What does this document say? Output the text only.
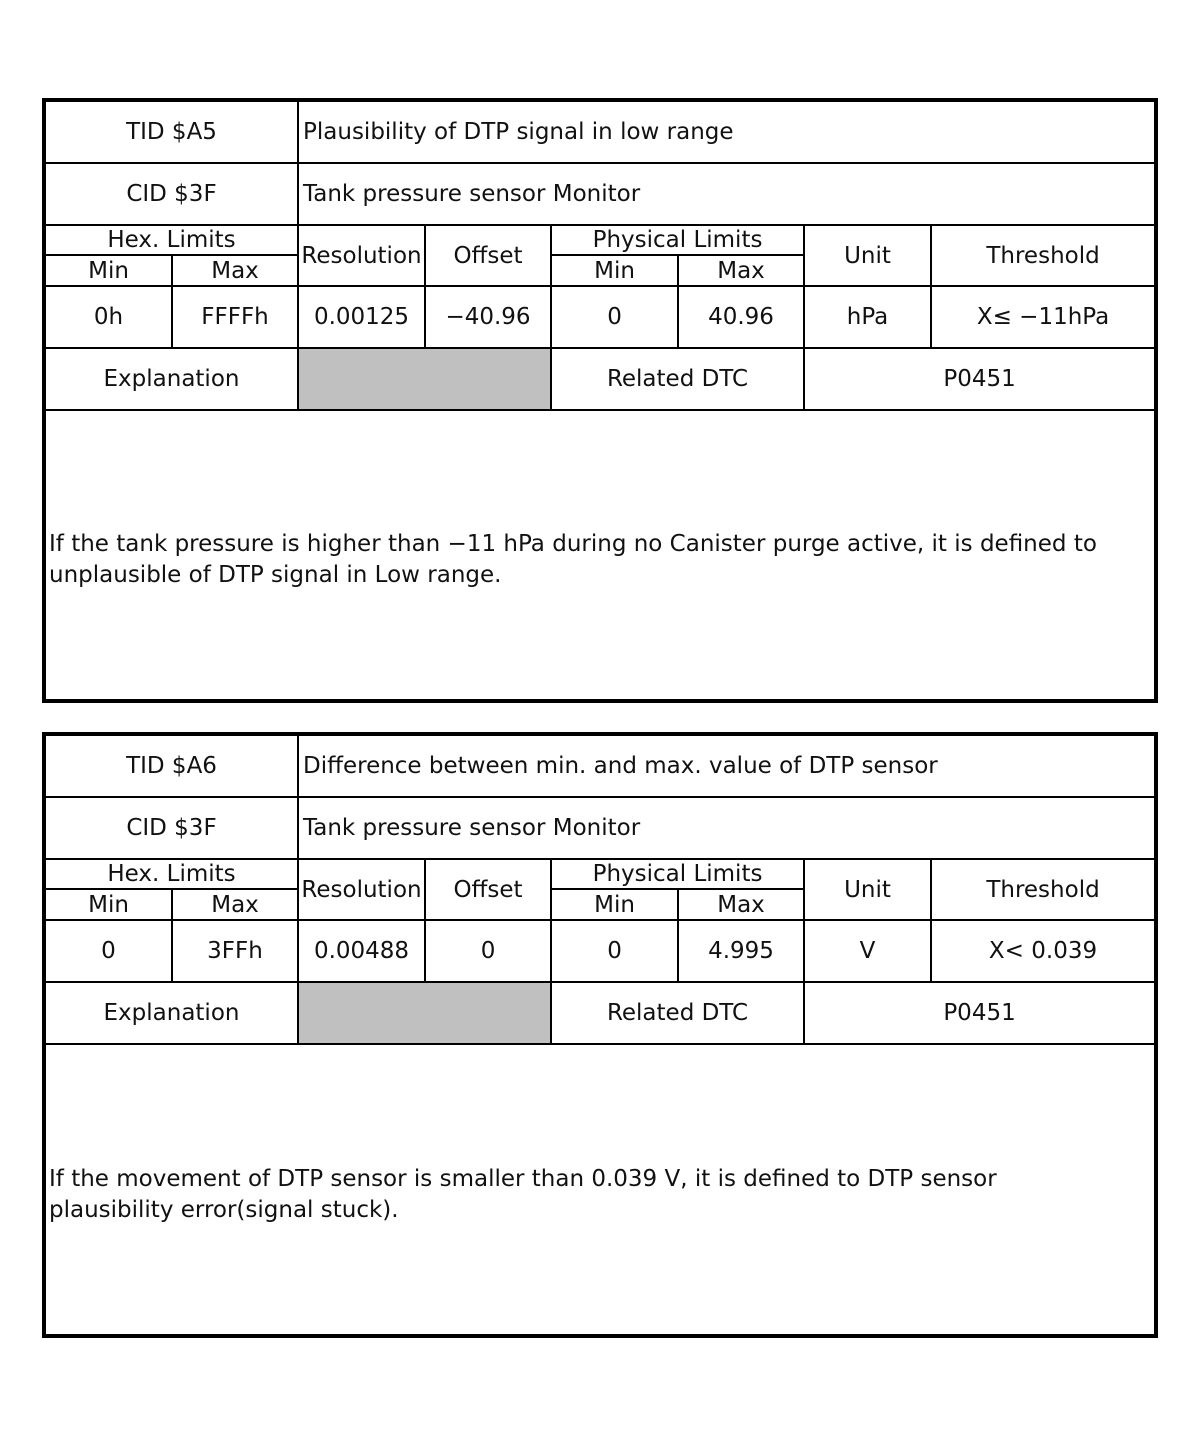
TID $A5		Plausibility of DTP signal in low range					
CID $3F		Tank pressure sensor Monitor					
Hex. Limits		Resolution	Offset	Physical Limits		Unit	Threshold
Min	Max			Min	Max		
0h	FFFFh	0.00125	−40.96	0	40.96	hPa	X≤ −11hPa
Explanation				Related DTC		P0451	
If the tank pressure is higher than −11 hPa during no Canister purge active, it is defined to
unplausible of DTP signal in Low range.
TID $A6		Difference between min. and max. value of DTP sensor					
CID $3F		Tank pressure sensor Monitor					
Hex. Limits		Resolution	Offset	Physical Limits		Unit	Threshold
Min	Max			Min	Max		
0	3FFh	0.00488	0	0	4.995	V	X< 0.039
Explanation				Related DTC		P0451	
If the movement of DTP sensor is smaller than 0.039 V, it is defined to DTP sensor
plausibility error(signal stuck).
